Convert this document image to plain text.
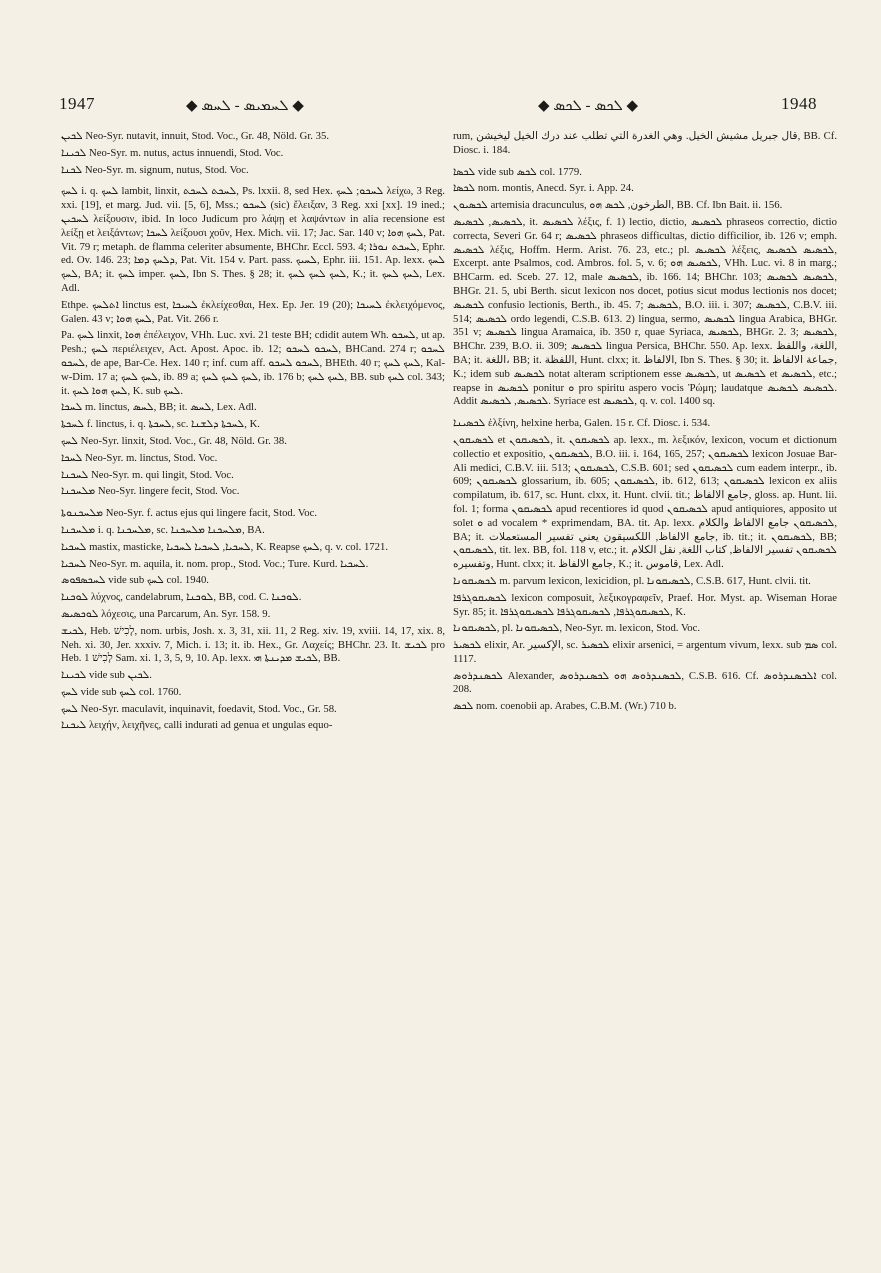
1947	◆ ܠܚܡܝܣ - ܠܚܣ ◆	◆ ܠܟܣ - ܠܟܣ ◆	1948

ܠܟܝܢ Neo-Syr. nutavit, innuit, Stod. Voc., Gr. 48, Nöld. Gr. 35.

ܠܟܝܢܐ Neo-Syr. m. nutus, actus innuendi, Stod. Voc.

ܠܟܢܐ Neo-Syr. m. signum, nutus, Stod. Voc.

ܠܚܟ i. q. ܠܚܟ lambit, linxit, ܠܚܟܬ ܠܚܟܬ, Ps. lxxii. 8, sed Hex. ܠܚܟܘ; ܠܚܟ λείχω, 3 Reg. xxi. [19], et marg. Jud. vii. [5, 6], Mss.; ܠܚܟܘ (sic) ἔλειξαν, 3 Reg. xxi [xx]. 19 ined.; ܠܚܟܝܢ λείξουσιν, ibid. In loco Judicum pro λάψῃ et λαψάντων in alia recensione est λείξῃ et λειξάντων; ܠܚܟܐ λείξουσι χοῦν, Hex. Mich. vii. 17; Jac. Sar. 140 v; ܠܚܟ ܗܘܐ, Pat. Vit. 79 r; metaph. de flamma celeriter absumente, BHChr. Eccl. 593. 4; ܠܚܟܬ ܢܘܪܐ, Ephr. ed. Ov. 146. 23; ܕܠܚܟ ܕܡܐ, Pat. Vit. 154 v. Part. pass. ܠܚܝܟ, Ephr. iii. 151. Ap. lexx. ܠܚܟ ܠܚܟ, BA; it. ܠܚܟ imper. ܠܚܟ, Ibn S. Thes. § 28; it. ܠܚܟ ܠܚܟ ܠܚܟ, K.; it. ܠܚܟ ܠܚܟ, Lex. Adl.

Ethpe. ܐܬܠܚܟ linctus est, ܠܚܝܟܐ ἐκλείχεσθαι, Hex. Ep. Jer. 19 (20); ܠܚܝܟܐ ἐκλειχόμενος, Galen. 43 v; ܠܚܟ ܗܘܐ, Pat. Vit. 266 r.

Pa. ܠܚܟ linxit, ܗܘܐ ἐπέλειχον, VHh. Luc. xvi. 21 teste BH; cdidit autem Wh. ܠܚܟܘ, ut ap. Pesh.; ܠܚܟ περιέλειχεν, Act. Apost. Apoc. ib. 12; ܠܚܟܘ ܠܚܟܘ, BHCand. 274 r; ܠܚܟܘ ܠܚܟܘ, de ape, Bar-Ce. Hex. 140 r; inf. cum aff. ܠܚܟܘ ܠܚܟܘ, BHEth. 40 r; ܠܚܟ ܠܚܟ, Kal-w-Dim. 17 a; ܠܚܟ ܠܚܟ, ib. 89 a; ܠܚܟ ܠܚܟ ܠܚܟ, ib. 176 b; ܠܚܟ ܠܚܟ, BB. sub ܠܚܟ col. 343; it. ܠܚܟ ܗܘܐ ܠܚܟ, K. sub ܠܚܟ.

ܠܚܟܐ m. linctus, ܠܚܣ, BB; it. ܠܚܣ, Lex. Adl.

ܠܚܟܬܐ f. linctus, i. q. ܠܚܟܬܐ, sc. ܠܚܟܬܐ ܕܠܫܢܐ, K.

ܠܚܟ Neo-Syr. linxit, Stod. Voc., Gr. 48, Nöld. Gr. 38.

ܠܚܟܐ Neo-Syr. m. linctus, Stod. Voc.

ܠܚܟܢܐ Neo-Syr. m. qui lingit, Stod. Voc.

ܡܠܚܟܢܐ Neo-Syr. lingere fecit, Stod. Voc.

ܡܠܚܟܢܘܬܐ Neo-Syr. f. actus ejus qui lingere facit, Stod. Voc.

ܡܠܚܟܢܐ i. q. ܡܠܚܟܢܐ, sc. ܡܠܚܟܢܐ ܡܠܚܟܢܐ, BA.

ܠܚܟܝܐ mastix, masticke, ܠܚܟܝܐ, ܠܚܟܝܐ ܠܚܟܝܐ, K. Reapse ܠܚܟ, q. v. col. 1721.

ܠܚܟܝܐ Neo-Syr. m. aquila, it. nom. prop., Stod. Voc.; Ture. Kurd. ܠܚܟܝܐ.

ܠܚܟܣܦܘܣ vide sub ܠܚܟ col. 1940.

ܠܘܟܢܐ λύχνος, candelabrum, ܠܘܟܢܐ, BB, cod. C. ܠܘܟܢܐ.

ܠܘܟܣܝܣ λόχεσις, una Parcarum, An. Syr. 158. 9.

ܠܟܝܫ, Heb. לָכִישׁ, nom. urbis, Josh. x. 3, 31, xii. 11, 2 Reg. xiv. 19, xviii. 14, 17, xix. 8, Neh. xi. 30, Jer. xxxiv. 7, Mich. i. 13; it. ib. Hex., Gr. Λαχείς; BHChr. 23. It. ܠܟܝܫ pro Heb. לָכִישׁ 1 Sam. xi. 1, 3, 5, 9, 10. Ap. lexx. ܠܟܝܫ ܡܕܝܢܬܐ ܗܝ, BB.

ܠܟܝܢܐ vide sub ܠܟܝܢ.

ܠܚܟ vide sub ܠܚܟ col. 1760.

ܠܚܟ Neo-Syr. maculavit, inquinavit, foedavit, Stod. Voc., Gr. 58.

ܠܝܟܢܐ λειχήν, λειχῆνες, calli indurati ad genua et ungulas equo-

rum, قال جبريل مشيش الخيل. وهي الغدرة التي تطلب عند درك الخيل ليخيشن, BB. Cf. Diosc. i. 184.

ܠܟܣܐ vide sub ܠܟܣ col. 1779.

ܠܟܣܐ nom. montis, Anecd. Syr. i. App. 24.

ܠܟܣܝܘܢ artemisia dracunculus, الطرخون, ܠܟܣ ܗܘ, BB. Cf. Ibn Bait. ii. 156.

ܠܟܣܝܣ, ܠܟܣܝܣ, it. ܠܟܣܝܣ λέξις, f. 1) lectio, dictio, ܠܟܣܝܣ phraseos correctio, dictio correcta, Severi Gr. 64 r; ܠܟܣܝܣ phraseos difficultas, dictio difficilior, ib. 126 v; emph. ܠܟܣܝܣ λέξις, Hoffm. Herm. Arist. 76. 23, etc.; pl. ܠܟܣܝܣ λέξεις, ܠܟܣܝܣ ܠܟܣܝܣ, Excerpt. ante Psalmos, cod. Ambros. fol. 5, v. 6; ܠܟܣܝܣ ܗܘ, VHh. Luc. vi. 8 in marg.; BHCarm. ed. Sceb. 27. 12, male ܠܟܣܝܣ, ib. 166. 14; BHChr. 103; ܠܟܣܝܣ ܠܟܣܝܣ, BHGr. 21. 5, ubi Berth. sicut lexicon nos docet, potius sicut modus lectionis nos docet; ܠܟܣܝܣ confusio lectionis, Berth., ib. 45. 7; ܠܟܣܝܣ, B.O. iii. i. 307; ܠܟܣܝܣ, C.B.V. iii. 514; ܠܟܣܝܣ ordo legendi, C.S.B. 613. 2) lingua, sermo, ܠܟܣܝܣ lingua Arabica, BHGr. 351 v; ܠܟܣܝܣ lingua Aramaica, ib. 350 r, quae Syriaca, ܠܟܣܝܣ, BHGr. 2. 3; ܠܟܣܝܣ, BHChr. 239, B.O. ii. 309; ܠܟܣܝܣ lingua Persica, BHChr. 550. Ap. lexx. اللغة، واللفظ, BA; it. اللغة، BB; it. اللفظة, Hunt. clxx; it. الالفاظ, Ibn S. Thes. § 30; it. جماعة الالفاظ, K.; idem sub ܠܟܣܝܣ notat alteram scriptionem esse ܠܟܣܝܣ, ut ܠܟܣܝܣ et ܠܟܣܝܣ, etc.; reapse in ܠܟܣܝܣ ponitur ܘ pro spiritu aspero vocis Ῥώμη; laudatque ܠܟܣܝܣ ܠܟܣܝܣ. Addit ܠܟܣܝܣ, ܠܟܣܝܣ. Syriace est ܠܟܣܝܣ, q. v. col. 1400 sq.

ܠܟܣܝܢܐ ἑλξίνη, helxine herba, Galen. 15 r. Cf. Diosc. i. 534.

ܠܟܣܝܩܘܢ et ܠܟܣܝܩܘܢ, it. ܠܟܣܝܩܘܢ ap. lexx., m. λεξικόν, lexicon, vocum et dictionum collectio et expositio, ܠܟܣܝܩܘܢ, B.O. iii. i. 164, 165, 257; ܠܟܣܝܩܘܢ lexicon Josuae Bar-Ali medici, C.B.V. iii. 513; ܠܟܣܝܩܘܢ, C.S.B. 601; sed ܠܟܣܝܩܘܢ cum eadem interpr., ib. 609; ܠܟܣܝܩܘܢ glossarium, ib. 605; ܠܟܣܝܩܘܢ, ib. 612, 613; ܠܟܣܝܩܘܢ lexicon ex aliis compilatum, ib. 617, sc. Hunt. clxx, it. Hunt. clvii. tit.; جامع الالفاظ, gloss. ap. Hunt. lii. fol. 1; forma ܠܟܣܝܩܘܢ apud recentiores id quod ܠܟܣܝܩܘܢ apud antiquiores, apposito ut solet ܘ ad vocalem * exprimendam, BA. tit. Ap. lexx. ܠܟܣܝܩܘܢ جامع الالفاظ والكلام, BA; it. جامع الالفاظ, اللكسيقون يعني تفسير المستعملات, ib. tit.; it. ܠܟܣܝܩܘܢ, BB; ܠܟܣܝܩܘܢ, tit. lex. BB, fol. 118 v, etc.; it. ܠܟܣܝܩܘܢ تفسير الالفاظ, كتاب اللغة, نقل الكلام وتفسيره, Hunt. clxx; it. جامع الالفاظ, K.; it. قاموس, Lex. Adl.

ܠܟܣܝܩܘܢܐ m. parvum lexicon, lexicidion, pl. ܠܟܣܝܩܘܢܐ, C.S.B. 617, Hunt. clvii. tit.

ܠܟܣܝܩܘܓܪܦܐ lexicon composuit, λεξικογραφεῖν, Praef. Hor. Myst. ap. Wiseman Horae Syr. 85; it. ܠܟܣܝܩܘܓܪܦܐ, ܠܟܣܝܩܘܓܪܦܐ ܠܟܣܝܩܘܓܪܦܐ, K.

ܠܟܣܝܩܘܢܐ, pl. ܠܟܣܝܩܘܢܐ, Neo-Syr. m. lexicon, Stod. Voc.

ܠܟܣܝܪ elixir, Ar. الإكسير, sc. ܠܟܣܝܪ elixir arsenici, = argentum vivum, lexx. sub ܣܡ col. 1117.

ܠܟܣܢܕܪܘܣ Alexander, ܠܟܣܢܕܪܘܣ ܗܘ ܠܟܣܢܕܪܘܣ, C.S.B. 616. Cf. ܐܠܟܣܢܕܪܘܣ col. 208.

ܠܟܣ nom. coenobii ap. Arabes, C.B.M. (Wr.) 710 b.
